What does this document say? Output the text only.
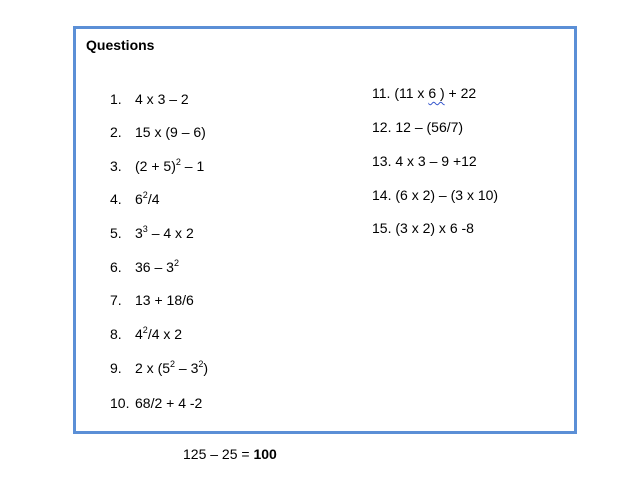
Questions
1. 4 x 3 – 2
2. 15 x (9 – 6)
3. $(2 + 5)^2 - 1$
4. $6^2/4$
5. $3^3 - 4$ x 2
6. $36 - 3^2$
7. 13 + 18/6
8. $4^2/4$ x 2
9. 2 x $(5^2 - 3^2)$
10. 68/2 + 4 -2
11. (11 x 6 ) + 22
12. 12 – (56/7)
13. 4 x 3 – 9 +12
14. (6 x 2) – (3 x 10)
15. (3 x 2) x 6 -8
125 – 25 = 100
